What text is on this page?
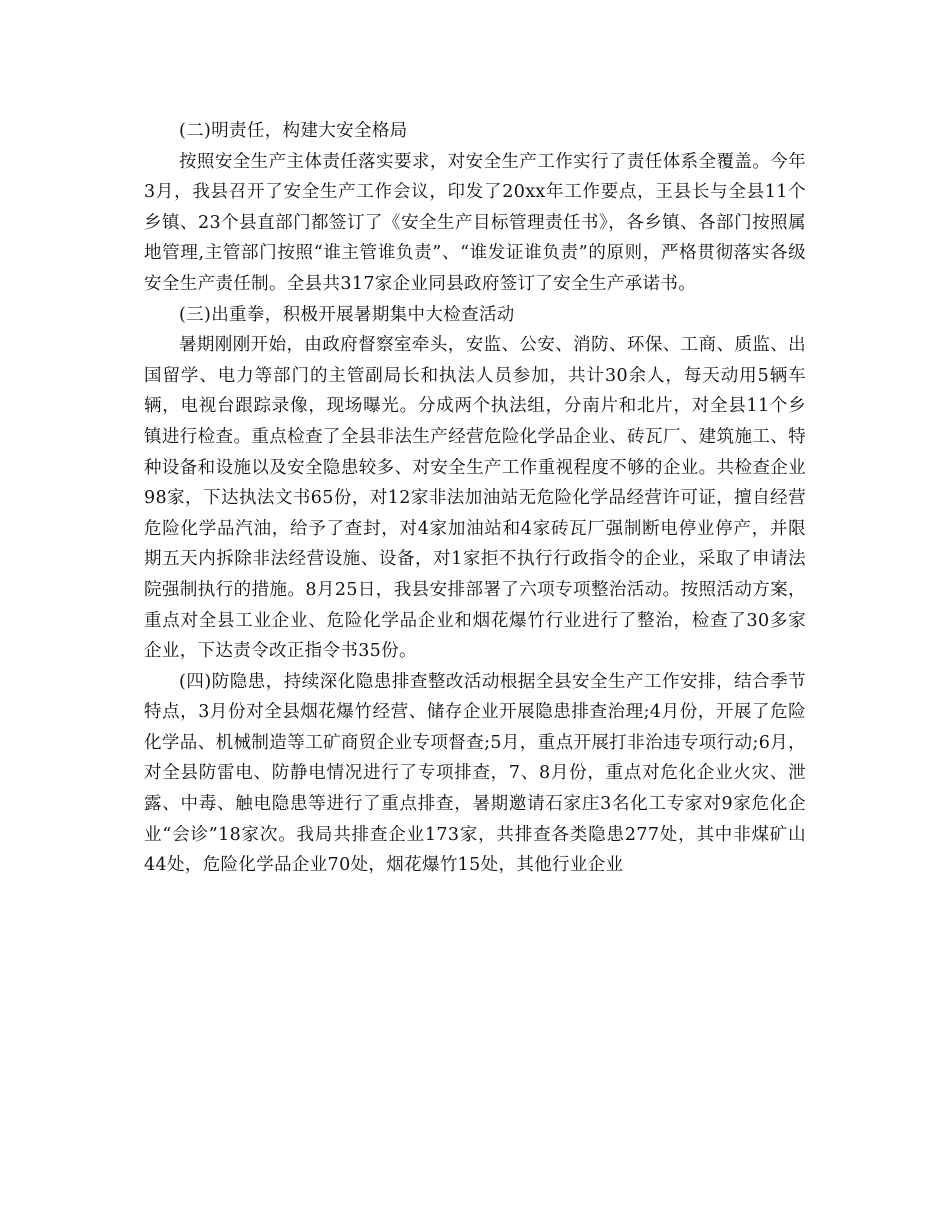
(二)明责任，构建大安全格局

按照安全生产主体责任落实要求，对安全生产工作实行了责任体系全覆盖。今年3月，我县召开了安全生产工作会议，印发了20xx年工作要点，王县长与全县11个乡镇、23个县直部门都签订了《安全生产目标管理责任书》，各乡镇、各部门按照属地管理,主管部门按照“谁主管谁负责”、“谁发证谁负责”的原则，严格贯彻落实各级安全生产责任制。全县共317家企业同县政府签订了安全生产承诺书。

(三)出重拳，积极开展暑期集中大检查活动

暑期刚刚开始，由政府督察室牵头，安监、公安、消防、环保、工商、质监、出国留学、电力等部门的主管副局长和执法人员参加，共计30余人，每天动用5辆车辆，电视台跟踪录像，现场曝光。分成两个执法组，分南片和北片，对全县11个乡镇进行检查。重点检查了全县非法生产经营危险化学品企业、砖瓦厂、建筑施工、特种设备和设施以及安全隐患较多、对安全生产工作重视程度不够的企业。共检查企业98家，下达执法文书65份，对12家非法加油站无危险化学品经营许可证，擅自经营危险化学品汽油，给予了查封，对4家加油站和4家砖瓦厂强制断电停业停产，并限期五天内拆除非法经营设施、设备，对1家拒不执行行政指令的企业，采取了申请法院强制执行的措施。8月25日，我县安排部署了六项专项整治活动。按照活动方案，重点对全县工业企业、危险化学品企业和烟花爆竹行业进行了整治，检查了30多家企业，下达责令改正指令书35份。

(四)防隐患，持续深化隐患排查整改活动根据全县安全生产工作安排，结合季节特点，3月份对全县烟花爆竹经营、储存企业开展隐患排查治理;4月份，开展了危险化学品、机械制造等工矿商贸企业专项督查;5月，重点开展打非治违专项行动;6月，对全县防雷电、防静电情况进行了专项排查，7、8月份，重点对危化企业火灾、泄露、中毒、触电隐患等进行了重点排查，暑期邀请石家庄3名化工专家对9家危化企业“会诊”18家次。我局共排查企业173家，共排查各类隐患277处，其中非煤矿山44处，危险化学品企业70处，烟花爆竹15处，其他行业企业
